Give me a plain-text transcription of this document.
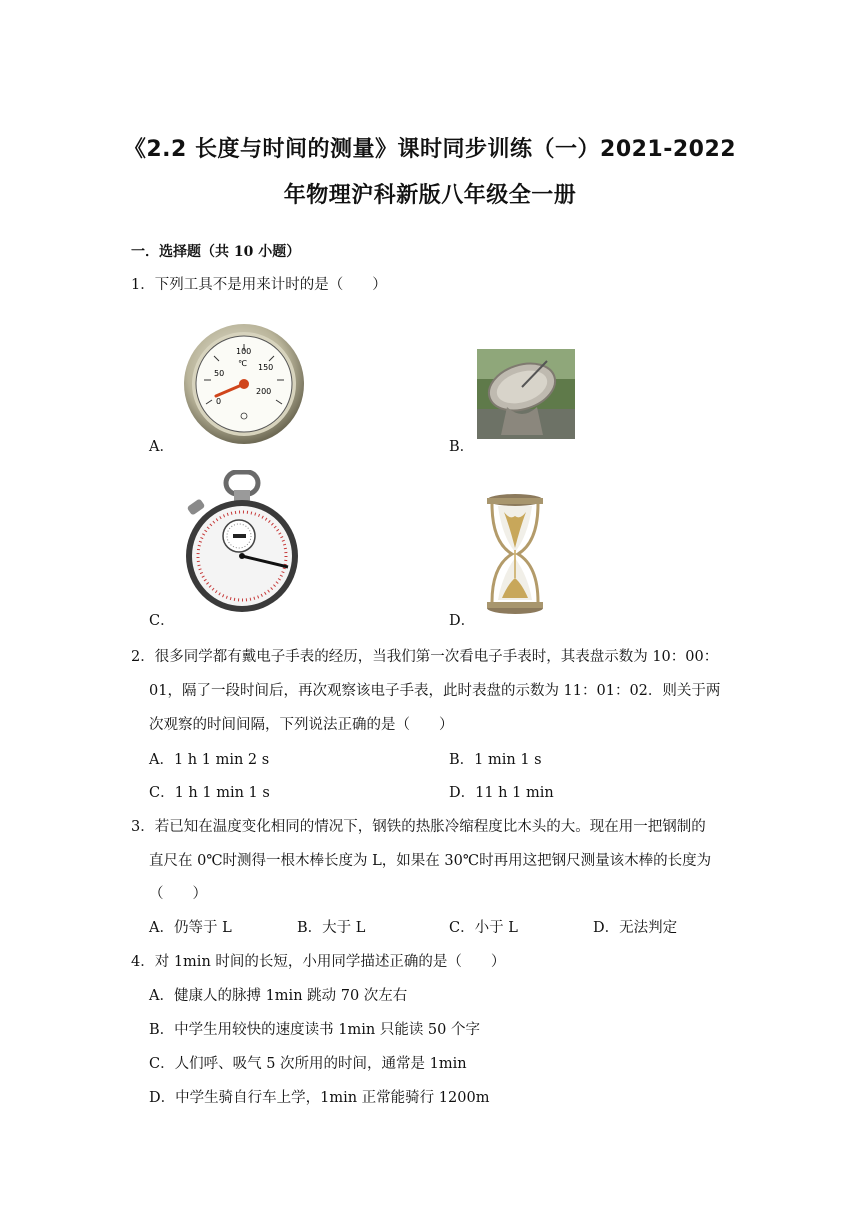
《2.2 长度与时间的测量》课时同步训练（一）2021-2022
年物理沪科新版八年级全一册
一．选择题（共 10 小题）
1．下列工具不是用来计时的是（　　）
100
50
150
0
200
℃
A．	B．
C．	D．
2．很多同学都有戴电子手表的经历，当我们第一次看电子手表时，其表盘示数为 10：00：
01，隔了一段时间后，再次观察该电子手表，此时表盘的示数为 11：01：02．则关于两
次观察的时间间隔，下列说法正确的是（　　）
A．1 h 1 min 2 s	B．1 min 1 s
C．1 h 1 min 1 s	D．11 h 1 min
3．若已知在温度变化相同的情况下，钢铁的热胀冷缩程度比木头的大。现在用一把钢制的
直尺在 0℃时测得一根木棒长度为 L，如果在 30℃时再用这把钢尺测量该木棒的长度为
（　　）
A．仍等于 L	B．大于 L	C．小于 L	D．无法判定
4．对 1min 时间的长短，小用同学描述正确的是（　　）
A．健康人的脉搏 1min 跳动 70 次左右
B．中学生用较快的速度读书 1min 只能读 50 个字
C．人们呼、吸气 5 次所用的时间，通常是 1min
D．中学生骑自行车上学，1min 正常能骑行 1200m
